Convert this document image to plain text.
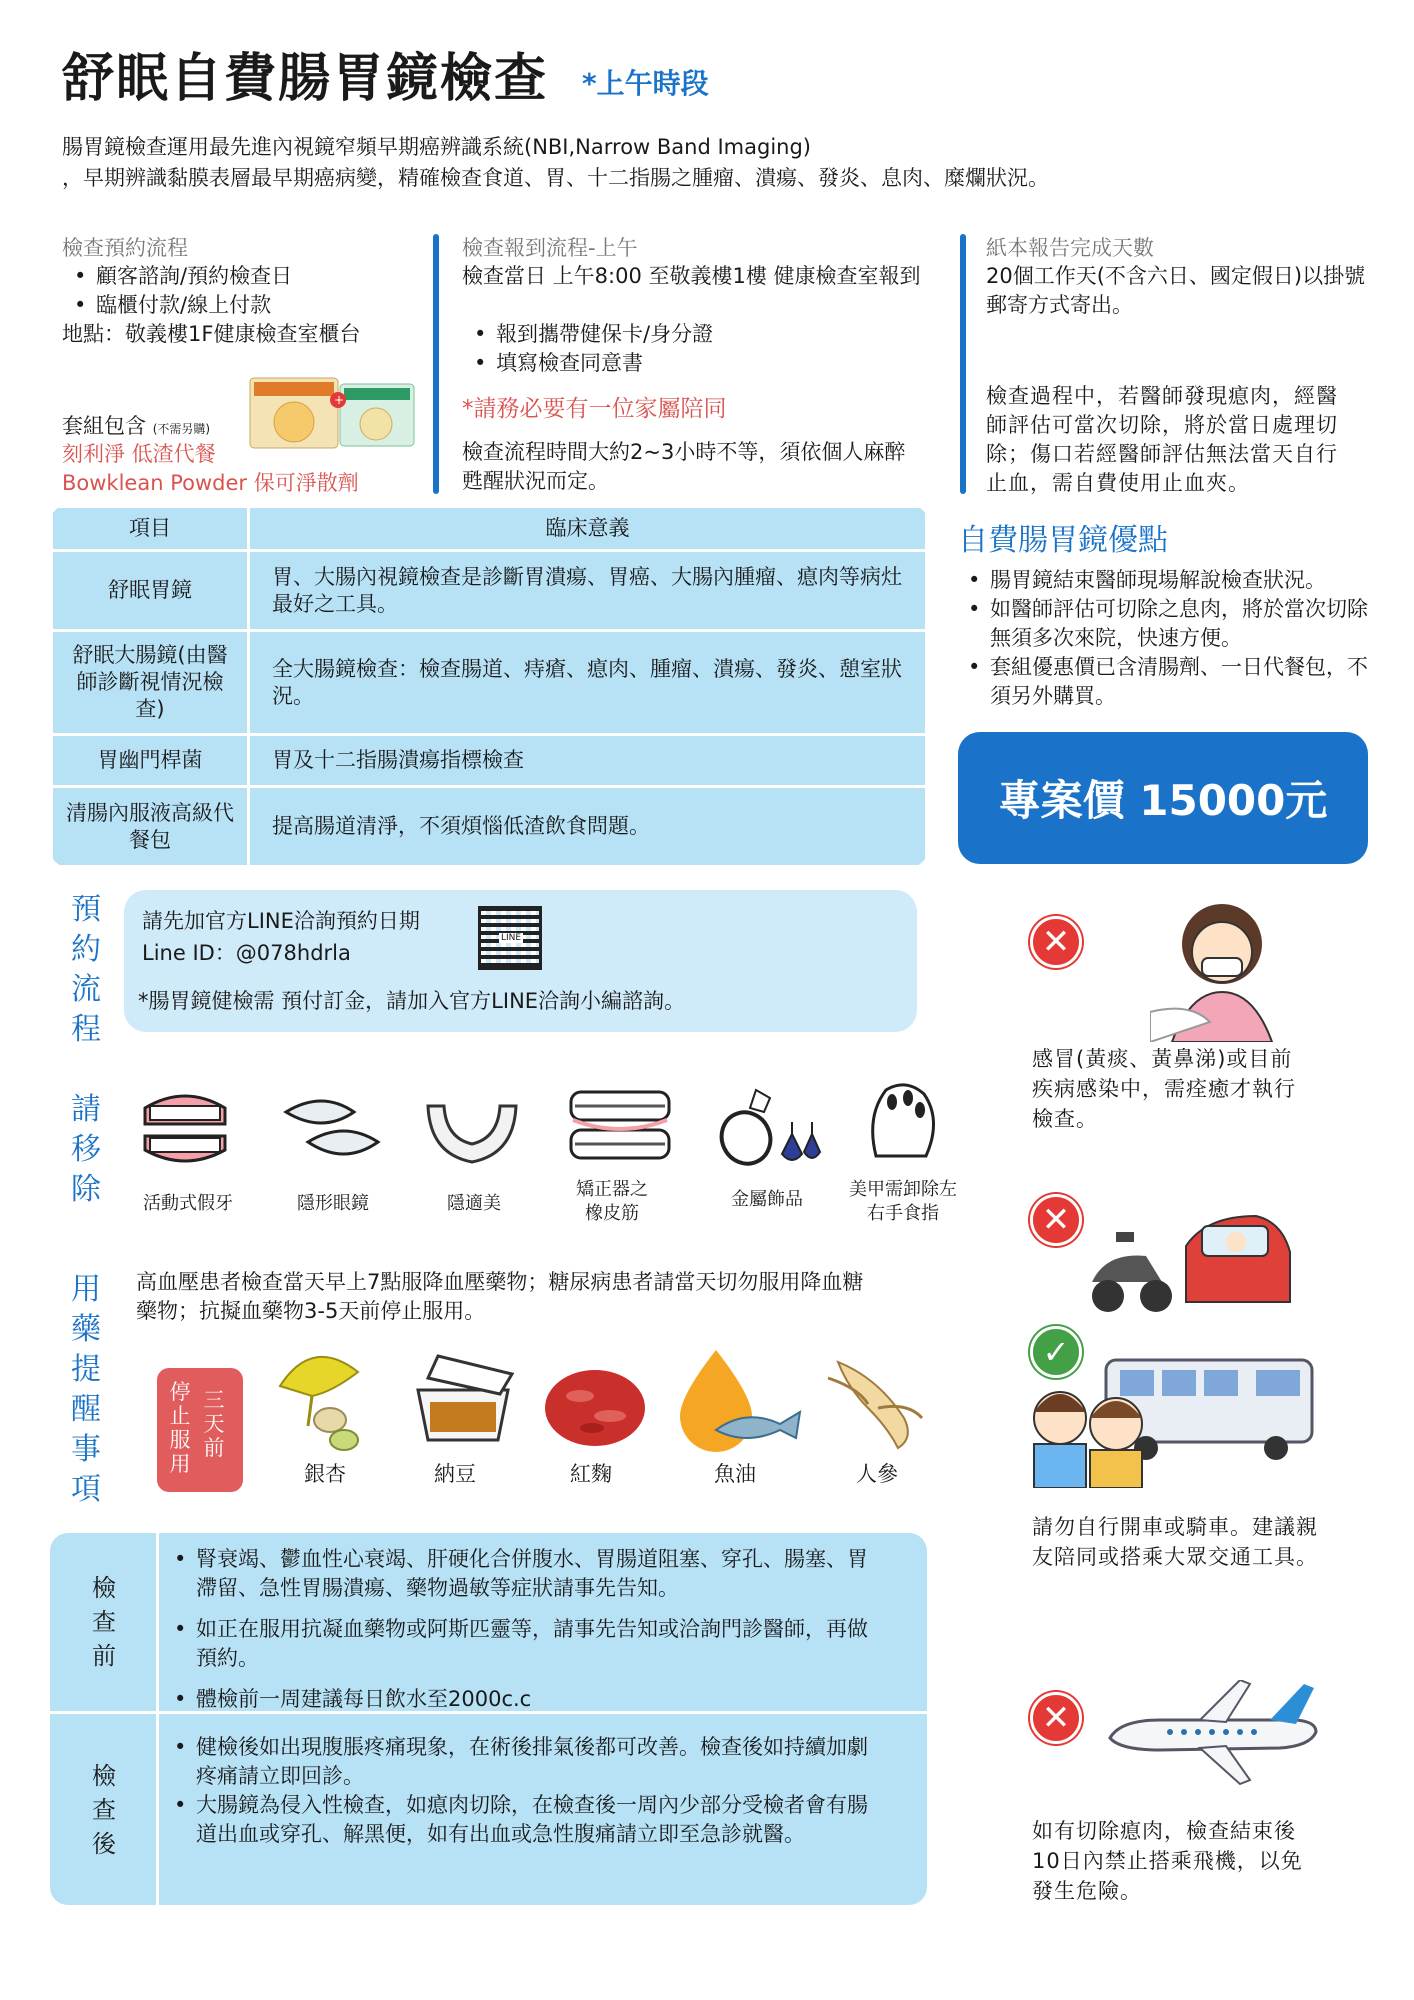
舒眠自費腸胃鏡檢查 *上午時段
腸胃鏡檢查運用最先進內視鏡窄頻早期癌辨識系統(NBI,Narrow Band Imaging)
，早期辨識黏膜表層最早期癌病變，精確檢查食道、胃、十二指腸之腫瘤、潰瘍、發炎、息肉、糜爛狀況。
檢查預約流程
• 顧客諮詢/預約檢查日
• 臨櫃付款/線上付款
地點：敬義樓1F健康檢查室櫃台
+
套組包含 (不需另購)
刻利淨 低渣代餐
Bowklean Powder 保可淨散劑
檢查報到流程-上午
檢查當日 上午8:00 至敬義樓1樓 健康檢查室報到
• 報到攜帶健保卡/身分證
• 填寫檢查同意書
*請務必要有一位家屬陪同
檢查流程時間大約2~3小時不等，須依個人麻醉甦醒狀況而定。
紙本報告完成天數
20個工作天(不含六日、國定假日)以掛號郵寄方式寄出。
檢查過程中，若醫師發現瘜肉，經醫師評估可當次切除，將於當日處理切除；傷口若經醫師評估無法當天自行止血，需自費使用止血夾。
項目	臨床意義
舒眠胃鏡	胃、大腸內視鏡檢查是診斷胃潰瘍、胃癌、大腸內腫瘤、瘜肉等病灶最好之工具。
舒眠大腸鏡(由醫師診斷視情況檢查)	全大腸鏡檢查：檢查腸道、痔瘡、瘜肉、腫瘤、潰瘍、發炎、憩室狀況。
胃幽門桿菌	胃及十二指腸潰瘍指標檢查
清腸內服液高級代餐包	提高腸道清淨，不須煩惱低渣飲食問題。
自費腸胃鏡優點
• 腸胃鏡結束醫師現場解說檢查狀況。
• 如醫師評估可切除之息肉，將於當次切除無須多次來院，快速方便。
• 套組優惠價已含清腸劑、一日代餐包，不須另外購買。
專案價 15000元
預約流程
請先加官方LINE洽詢預約日期
Line ID：@078hdrla
*腸胃鏡健檢需 預付訂金，請加入官方LINE洽詢小編諮詢。
LINE
請移除	活動式假牙	隱形眼鏡	隱適美
矯正器之橡皮筋
金屬飾品	美甲需卸除左右手食指
用藥提醒事項
高血壓患者檢查當天早上7點服降血壓藥物；糖尿病患者請當天切勿服用降血糖藥物；抗擬血藥物3-5天前停止服用。
停止服用
三天前
銀杏	納豆	紅麴	魚油	人參
檢查前
檢查後
• 腎衰竭、鬱血性心衰竭、肝硬化合併腹水、胃腸道阻塞、穿孔、腸塞、胃滯留、急性胃腸潰瘍、藥物過敏等症狀請事先告知。
• 如正在服用抗凝血藥物或阿斯匹靈等，請事先告知或洽詢門診醫師，再做預約。
• 體檢前一周建議每日飲水至2000c.c
• 健檢後如出現腹脹疼痛現象，在術後排氣後都可改善。檢查後如持續加劇疼痛請立即回診。
• 大腸鏡為侵入性檢查，如瘜肉切除，在檢查後一周內少部分受檢者會有腸道出血或穿孔、解黑便，如有出血或急性腹痛請立即至急診就醫。
✕
感冒(黃痰、黃鼻涕)或目前疾病感染中，需痊癒才執行檢查。
✕
✓
請勿自行開車或騎車。建議親友陪同或搭乘大眾交通工具。
✕
如有切除瘜肉，檢查結束後10日內禁止搭乘飛機，以免發生危險。
